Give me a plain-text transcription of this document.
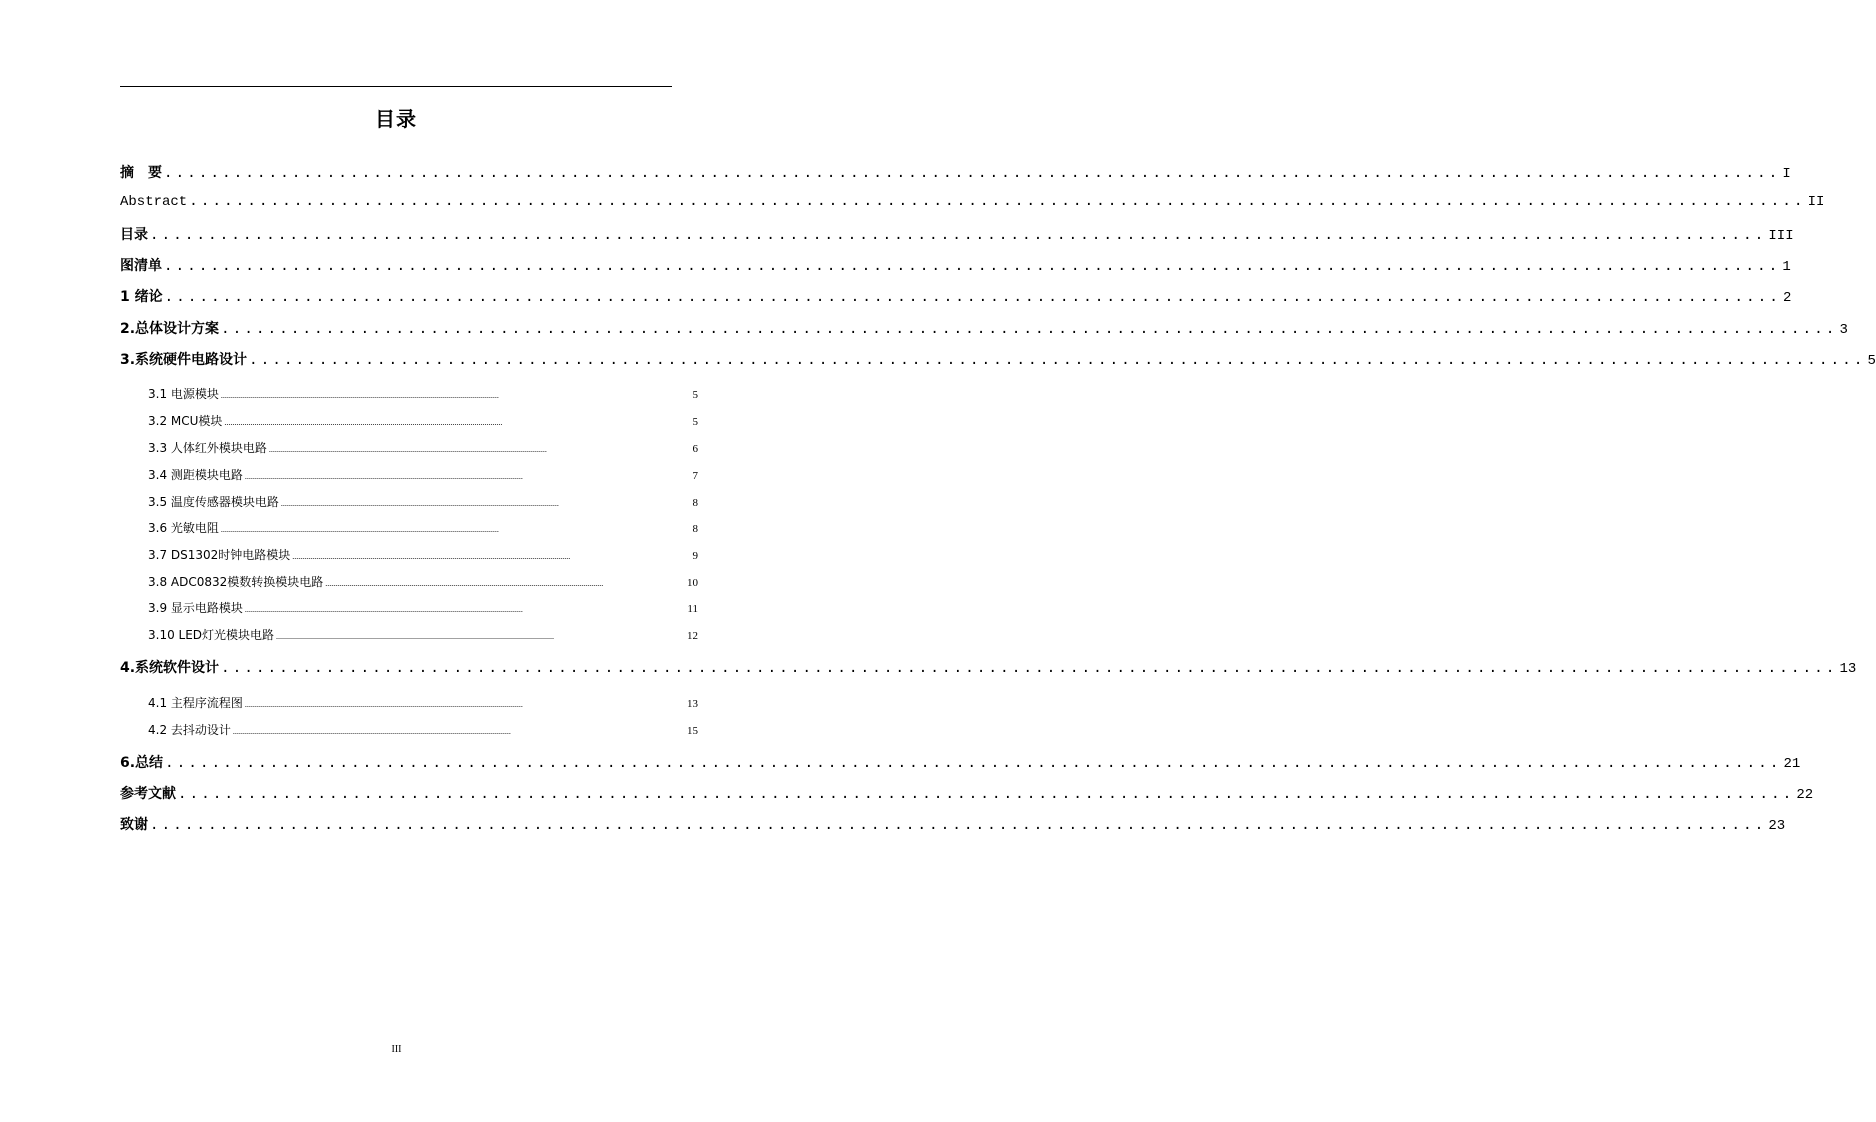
目录
摘　要 ........................................................................................................................................... I
Abstract ........................................................................................................................................... II
目录 ........................................................................................................................................... III
图清单 ........................................................................................................................................... 1
1 绪论 ........................................................................................................................................... 2
2.总体设计方案 ........................................................................................................................................... 3
3.系统硬件电路设计 ........................................................................................................................................... 5
3.1 电源模块 ...........................................................................................................................................	5
3.2 MCU模块 ...........................................................................................................................................	5
3.3 人体红外模块电路 ...........................................................................................................................................	6
3.4 测距模块电路 ...........................................................................................................................................	7
3.5 温度传感器模块电路 ...........................................................................................................................................	8
3.6 光敏电阻 ...........................................................................................................................................	8
3.7 DS1302时钟电路模块 ...........................................................................................................................................	9
3.8 ADC0832模数转换模块电路 ...........................................................................................................................................	10
3.9 显示电路模块 ...........................................................................................................................................	11
3.10 LED灯光模块电路 ...........................................................................................................................................	12
4.系统软件设计 ........................................................................................................................................... 13
4.1 主程序流程图 ...........................................................................................................................................	13
4.2 去抖动设计 ...........................................................................................................................................	15
6.总结 ........................................................................................................................................... 21
参考文献 ........................................................................................................................................... 22
致谢 ........................................................................................................................................... 23
III
